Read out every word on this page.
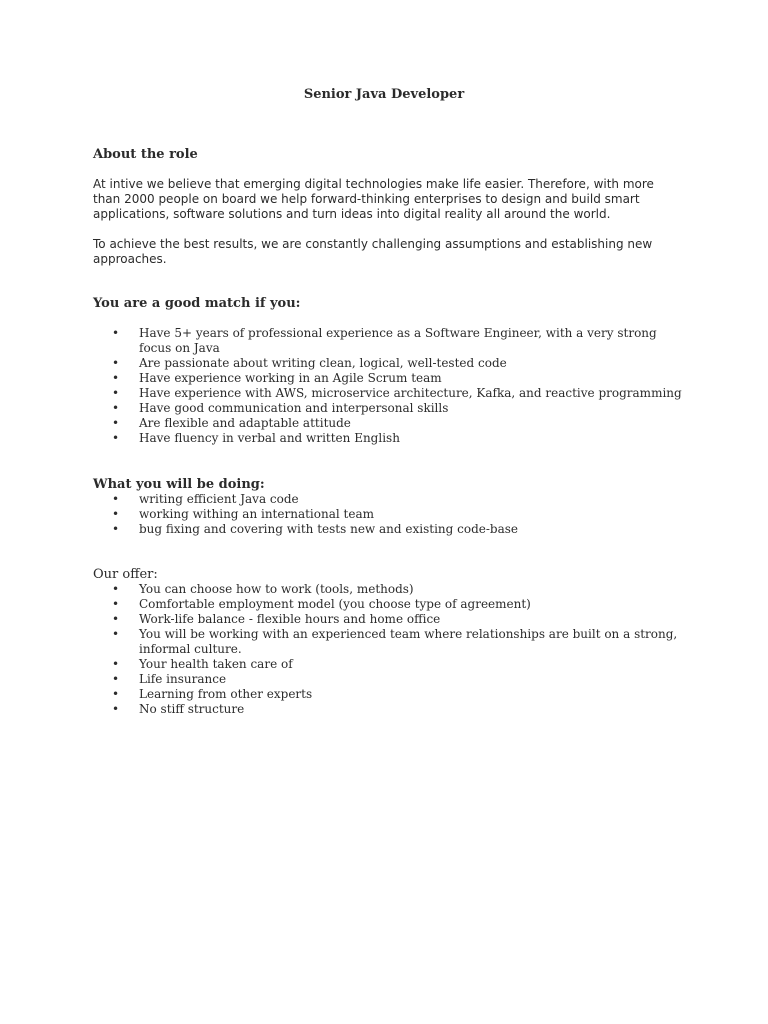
Senior Java Developer
About the role

At intive we believe that emerging digital technologies make life easier. Therefore, with more than 2000 people on board we help forward-thinking enterprises to design and build smart applications, software solutions and turn ideas into digital reality all around the world.

To achieve the best results, we are constantly challenging assumptions and establishing new approaches.

You are a good match if you:
•	Have 5+ years of professional experience as a Software Engineer, with a very strong focus on Java
•	Are passionate about writing clean, logical, well-tested code
•	Have experience working in an Agile Scrum team
•	Have experience with AWS, microservice architecture, Kafka, and reactive programming
•	Have good communication and interpersonal skills
•	Are flexible and adaptable attitude
•	Have fluency in verbal and written English
What you will be doing:
•	writing efficient Java code
•	working withing an international team
•	bug fixing and covering with tests new and existing code-base
Our offer:
•	You can choose how to work (tools, methods)
•	Comfortable employment model (you choose type of agreement)
•	Work-life balance - flexible hours and home office
•	You will be working with an experienced team where relationships are built on a strong, informal culture.
•	Your health taken care of
•	Life insurance
•	Learning from other experts
•	No stiff structure
